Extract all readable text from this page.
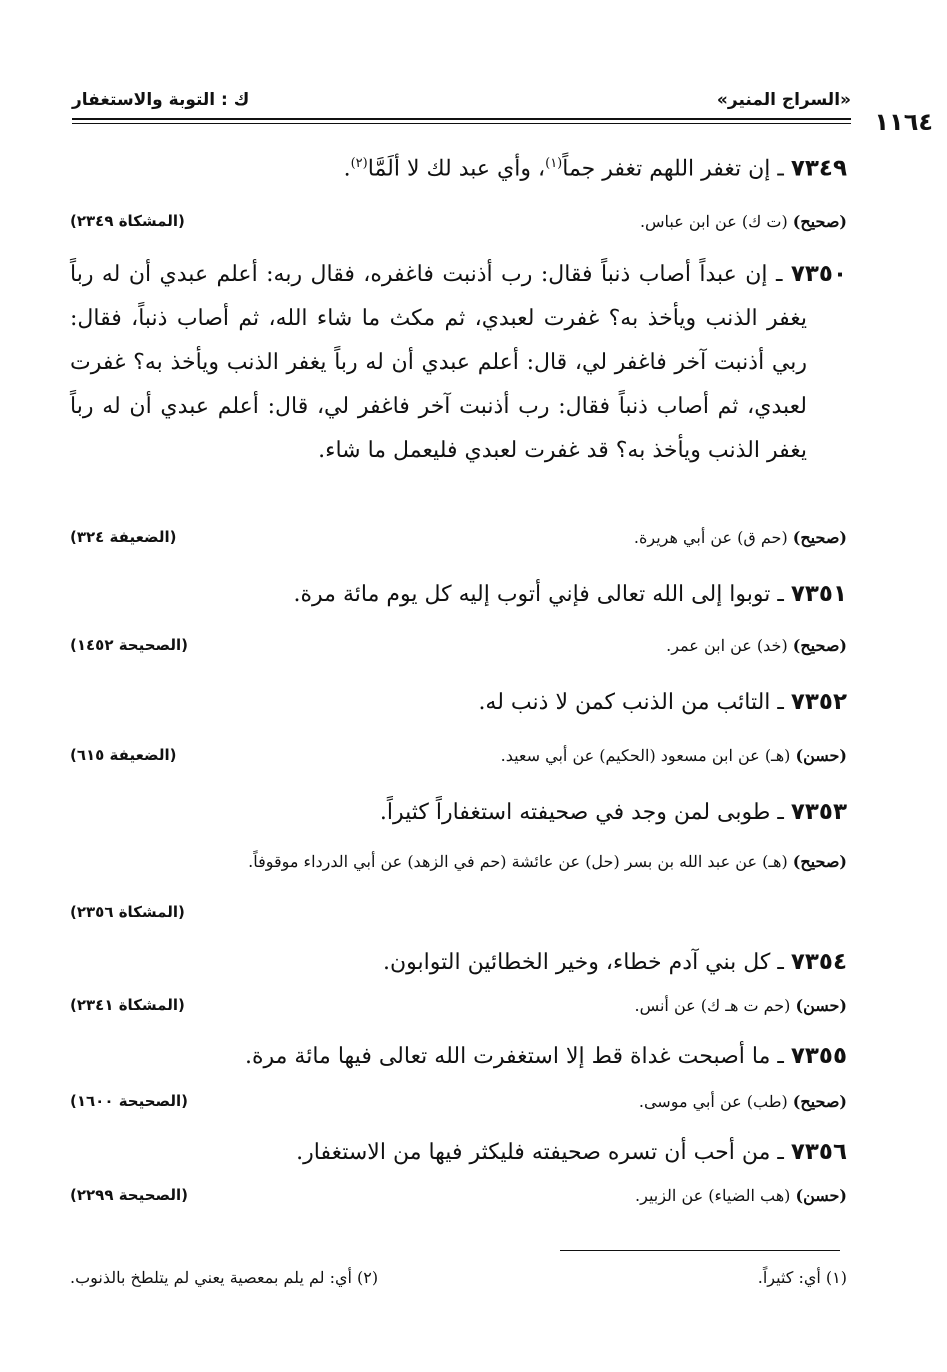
«السراج المنير»
ك : التوبة والاستغفار
١١٦٤
٧٣٤٩ ـ إن تغفر اللهم تغفر جماً$^{(١)}$، وأي عبد لك لا ألَمَّا$^{(٢)}$.
(صحيح) (ت ك) عن ابن عباس.
(المشكاة ٢٣٤٩)
٧٣٥٠ ـ إن عبداً أصاب ذنباً فقال: رب أذنبت فاغفره، فقال ربه: أعلم عبدي أن له رباً يغفر الذنب ويأخذ به؟ غفرت لعبدي، ثم مكث ما شاء الله، ثم أصاب ذنباً، فقال: ربي أذنبت آخر فاغفر لي، قال: أعلم عبدي أن له رباً يغفر الذنب ويأخذ به؟ غفرت لعبدي، ثم أصاب ذنباً فقال: رب أذنبت آخر فاغفر لي، قال: أعلم عبدي أن له رباً يغفر الذنب ويأخذ به؟ قد غفرت لعبدي فليعمل ما شاء.
(صحيح) (حم ق) عن أبي هريرة.
(الضعيفة ٣٢٤)
٧٣٥١ ـ توبوا إلى الله تعالى فإني أتوب إليه كل يوم مائة مرة.
(صحيح) (خد) عن ابن عمر.
(الصحيحة ١٤٥٢)
٧٣٥٢ ـ التائب من الذنب كمن لا ذنب له.
(حسن) (هـ) عن ابن مسعود (الحكيم) عن أبي سعيد.
(الضعيفة ٦١٥)
٧٣٥٣ ـ طوبى لمن وجد في صحيفته استغفاراً كثيراً.
(صحيح) (هـ) عن عبد الله بن بسر (حل) عن عائشة (حم في الزهد) عن أبي الدرداء موقوفاً.
(المشكاة ٢٣٥٦)
٧٣٥٤ ـ كل بني آدم خطاء، وخير الخطائين التوابون.
(حسن) (حم ت هـ ك) عن أنس.
(المشكاة ٢٣٤١)
٧٣٥٥ ـ ما أصبحت غداة قط إلا استغفرت الله تعالى فيها مائة مرة.
(صحيح) (طب) عن أبي موسى.
(الصحيحة ١٦٠٠)
٧٣٥٦ ـ من أحب أن تسره صحيفته فليكثر فيها من الاستغفار.
(حسن) (هب الضياء) عن الزبير.
(الصحيحة ٢٢٩٩)
(١) أي: كثيراً.
(٢) أي: لم يلم بمعصية يعني لم يتلطخ بالذنوب.
